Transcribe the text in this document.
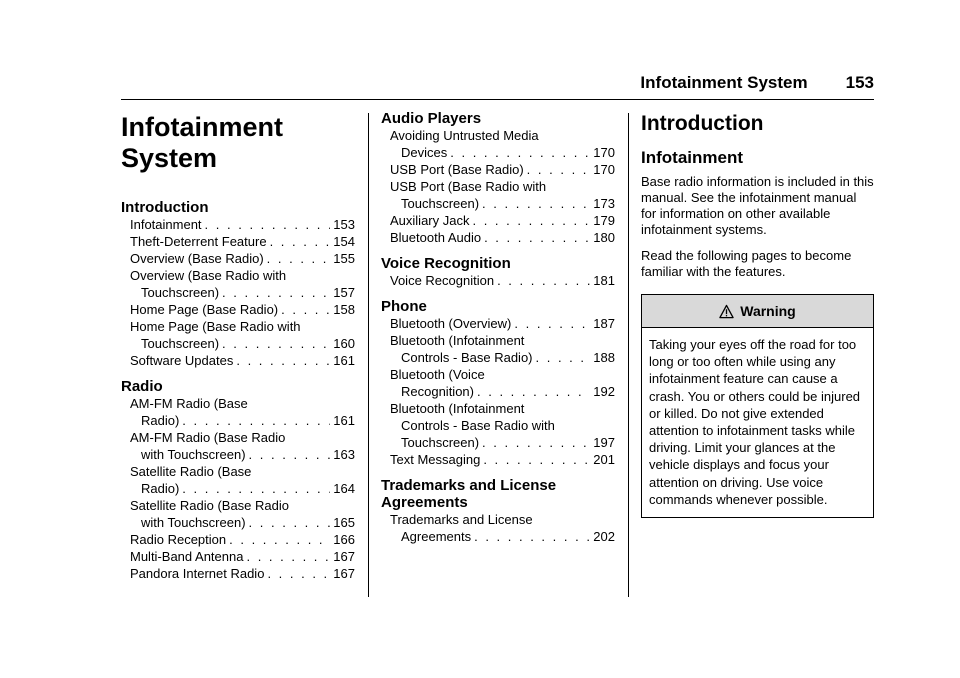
Infotainment System 153
Infotainment
System
Introduction
Infotainment . . .	153
Theft-Deterrent Feature . . .	154
Overview (Base Radio) . . .	155
Overview (Base Radio with
Touchscreen) . . .	157
Home Page (Base Radio) . . .	158
Home Page (Base Radio with
Touchscreen) . . .	160
Software Updates . . .	161
Radio
AM-FM Radio (Base
Radio) . . .	161
AM-FM Radio (Base Radio
with Touchscreen) . . .	163
Satellite Radio (Base
Radio) . . .	164
Satellite Radio (Base Radio
with Touchscreen) . . .	165
Radio Reception . . .	166
Multi-Band Antenna . . .	167
Pandora Internet Radio . . .	167
Audio Players
Avoiding Untrusted Media
Devices . . .	170
USB Port (Base Radio) . . .	170
USB Port (Base Radio with
Touchscreen) . . .	173
Auxiliary Jack . . .	179
Bluetooth Audio . . .	180
Voice Recognition
Voice Recognition . . .	181
Phone
Bluetooth (Overview) . . .	187
Bluetooth (Infotainment
Controls - Base Radio) . . .	188
Bluetooth (Voice
Recognition) . . .	192
Bluetooth (Infotainment
Controls - Base Radio with
Touchscreen) . . .	197
Text Messaging . . .	201
Trademarks and License
Agreements
Trademarks and License
Agreements . . .	202
Introduction
Infotainment

Base radio information is included in this manual. See the infotainment manual for information on other available infotainment systems.

Read the following pages to become familiar with the features.

Warning
Taking your eyes off the road for too long or too often while using any infotainment feature can cause a crash. You or others could be injured or killed. Do not give extended attention to infotainment tasks while driving. Limit your glances at the vehicle displays and focus your attention on driving. Use voice commands whenever possible.
